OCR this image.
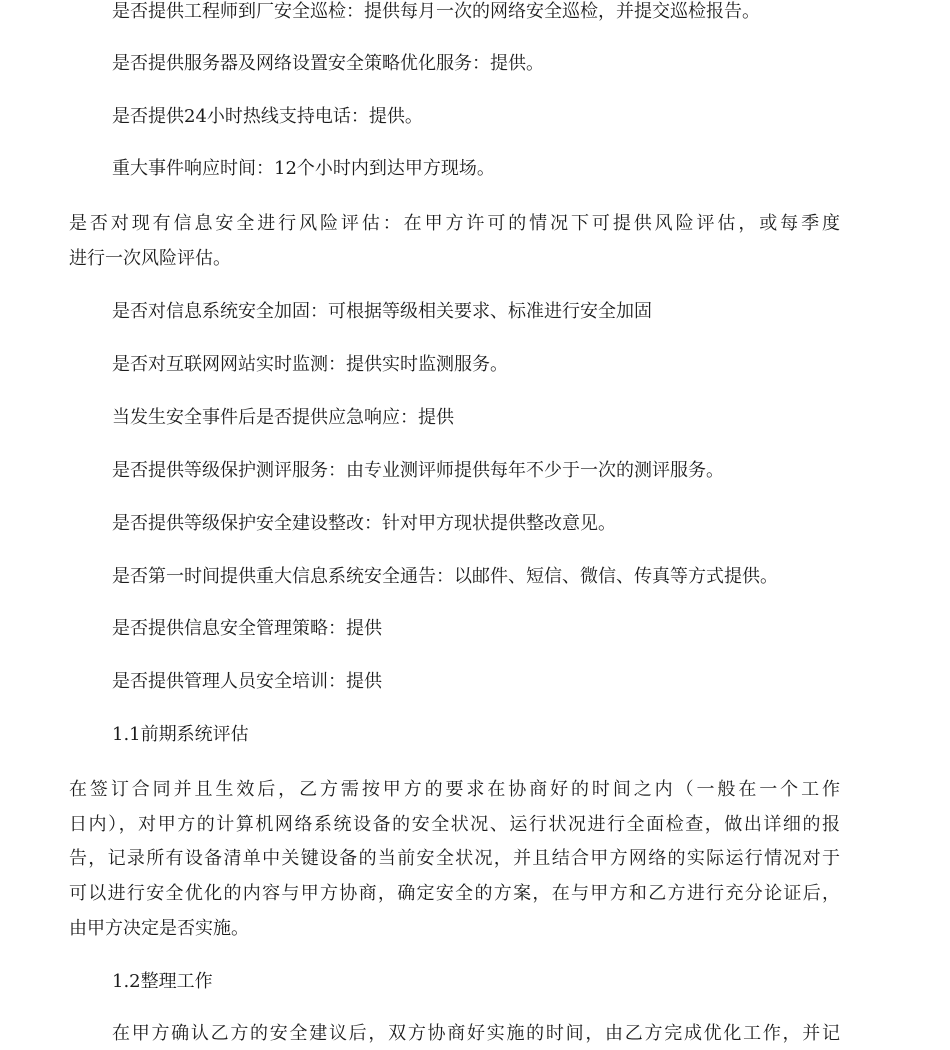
是否提供工程师到厂安全巡检：提供每月一次的网络安全巡检，并提交巡检报告。
是否提供服务器及网络设置安全策略优化服务：提供。
是否提供24小时热线支持电话：提供。
重大事件响应时间：12个小时内到达甲方现场。
是否对现有信息安全进行风险评估：在甲方许可的情况下可提供风险评估，或每季度
进行一次风险评估。
是否对信息系统安全加固：可根据等级相关要求、标准进行安全加固
是否对互联网网站实时监测：提供实时监测服务。
当发生安全事件后是否提供应急响应：提供
是否提供等级保护测评服务：由专业测评师提供每年不少于一次的测评服务。
是否提供等级保护安全建设整改：针对甲方现状提供整改意见。
是否第一时间提供重大信息系统安全通告：以邮件、短信、微信、传真等方式提供。
是否提供信息安全管理策略：提供
是否提供管理人员安全培训：提供
1.1前期系统评估
在签订合同并且生效后，乙方需按甲方的要求在协商好的时间之内（一般在一个工作
日内），对甲方的计算机网络系统设备的安全状况、运行状况进行全面检查，做出详细的报
告，记录所有设备清单中关键设备的当前安全状况，并且结合甲方网络的实际运行情况对于
可以进行安全优化的内容与甲方协商，确定安全的方案，在与甲方和乙方进行充分论证后，
由甲方决定是否实施。
1.2整理工作
在甲方确认乙方的安全建议后，双方协商好实施的时间，由乙方完成优化工作，并记
